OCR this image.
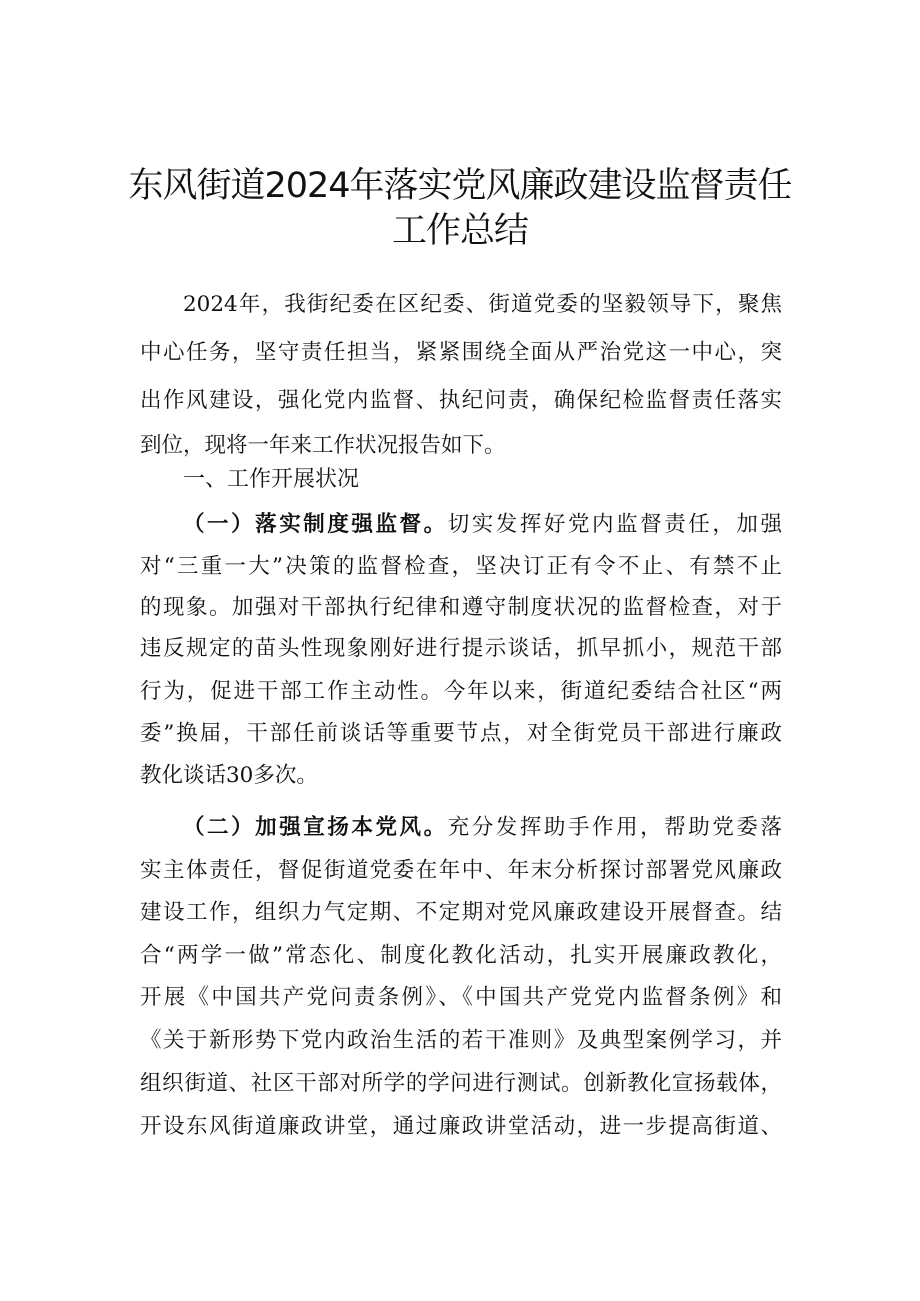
东风街道2024年落实党风廉政建设监督责任
工作总结
2024年，我街纪委在区纪委、街道党委的坚毅领导下，聚焦
中心任务，坚守责任担当，紧紧围绕全面从严治党这一中心，突
出作风建设，强化党内监督、执纪问责，确保纪检监督责任落实
到位，现将一年来工作状况报告如下。
一、工作开展状况
（一）落实制度强监督。切实发挥好党内监督责任，加强
对“三重一大”决策的监督检查，坚决订正有令不止、有禁不止
的现象。加强对干部执行纪律和遵守制度状况的监督检查，对于
违反规定的苗头性现象刚好进行提示谈话，抓早抓小，规范干部
行为，促进干部工作主动性。今年以来，街道纪委结合社区“两
委”换届，干部任前谈话等重要节点，对全街党员干部进行廉政
教化谈话30多次。
（二）加强宣扬本党风。充分发挥助手作用，帮助党委落
实主体责任，督促街道党委在年中、年末分析探讨部署党风廉政
建设工作，组织力气定期、不定期对党风廉政建设开展督查。结
合“两学一做”常态化、制度化教化活动，扎实开展廉政教化，
开展《中国共产党问责条例》、《中国共产党党内监督条例》和
《关于新形势下党内政治生活的若干准则》及典型案例学习，并
组织街道、社区干部对所学的学问进行测试。创新教化宣扬载体，
开设东风街道廉政讲堂，通过廉政讲堂活动，进一步提高街道、
